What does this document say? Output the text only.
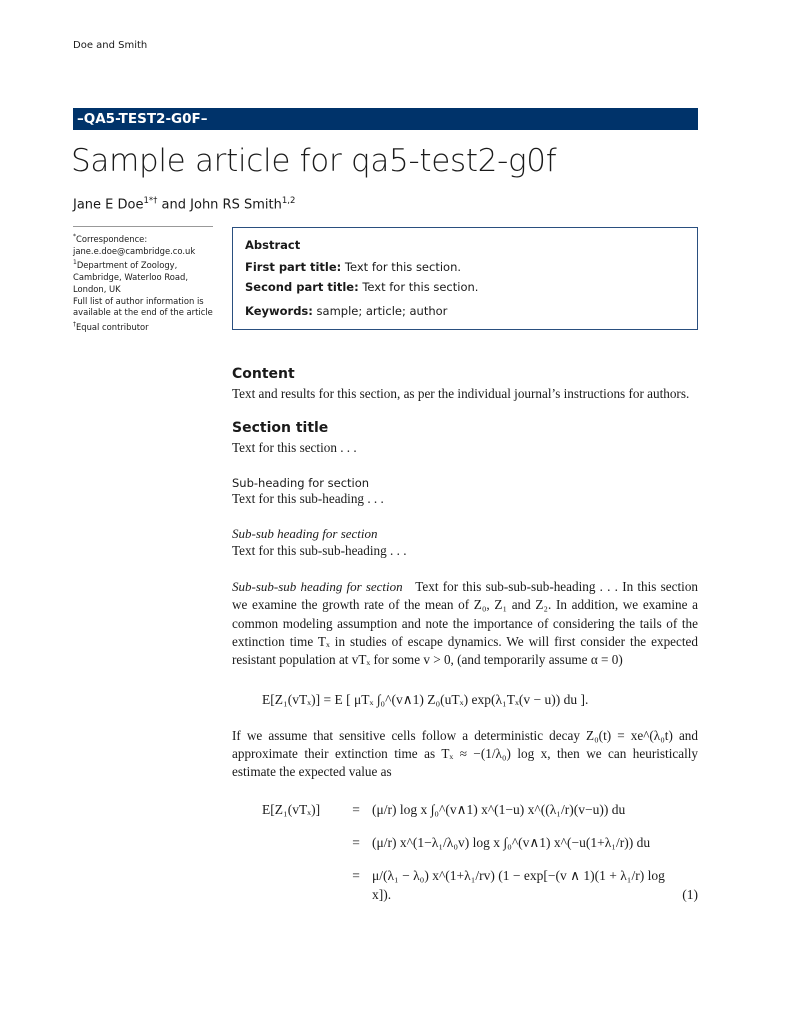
Doe and Smith
–QA5-TEST2-G0F–
Sample article for qa5-test2-g0f
Jane E Doe$^{1*\dagger}$ and John RS Smith$^{1,2}$
*Correspondence:
jane.e.doe@cambridge.co.uk
$^1$Department of Zoology,
Cambridge, Waterloo Road,
London, UK
Full list of author information is available at the end of the article
†Equal contributor
Abstract
First part title: Text for this section.
Second part title: Text for this section.
Keywords: sample; article; author
Content

Text and results for this section, as per the individual journal’s instructions for authors.

Section title

Text for this section . . .

Sub-heading for section

Text for this sub-heading . . .

Sub-sub heading for section

Text for this sub-sub-heading . . .

Sub-sub-sub heading for section Text for this sub-sub-sub-heading . . . In this section we examine the growth rate of the mean of Z₀, Z₁ and Z₂. In addition, we examine a common modeling assumption and note the importance of considering the tails of the extinction time Tₓ in studies of escape dynamics. We will first consider the expected resistant population at vTₓ for some v > 0, (and temporarily assume α = 0)

E[Z₁(vTₓ)] = E [ μTₓ ∫₀^(v∧1) Z₀(uTₓ) exp(λ₁Tₓ(v − u)) du ].

If we assume that sensitive cells follow a deterministic decay Z₀(t) = xe^(λ₀t) and approximate their extinction time as Tₓ ≈ −(1/λ₀) log x, then we can heuristically estimate the expected value as

E[Z₁(vTₓ)]	=	(μ/r) log x ∫₀^(v∧1) x^(1−u) x^((λ₁/r)(v−u)) du	
	=	(μ/r) x^(1−λ₁/λ₀v) log x ∫₀^(v∧1) x^(−u(1+λ₁/r)) du	
	=	μ/(λ₁ − λ₀) x^(1+λ₁/rv) (1 − exp[−(v ∧ 1)(1 + λ₁/r) log x]).	(1)
